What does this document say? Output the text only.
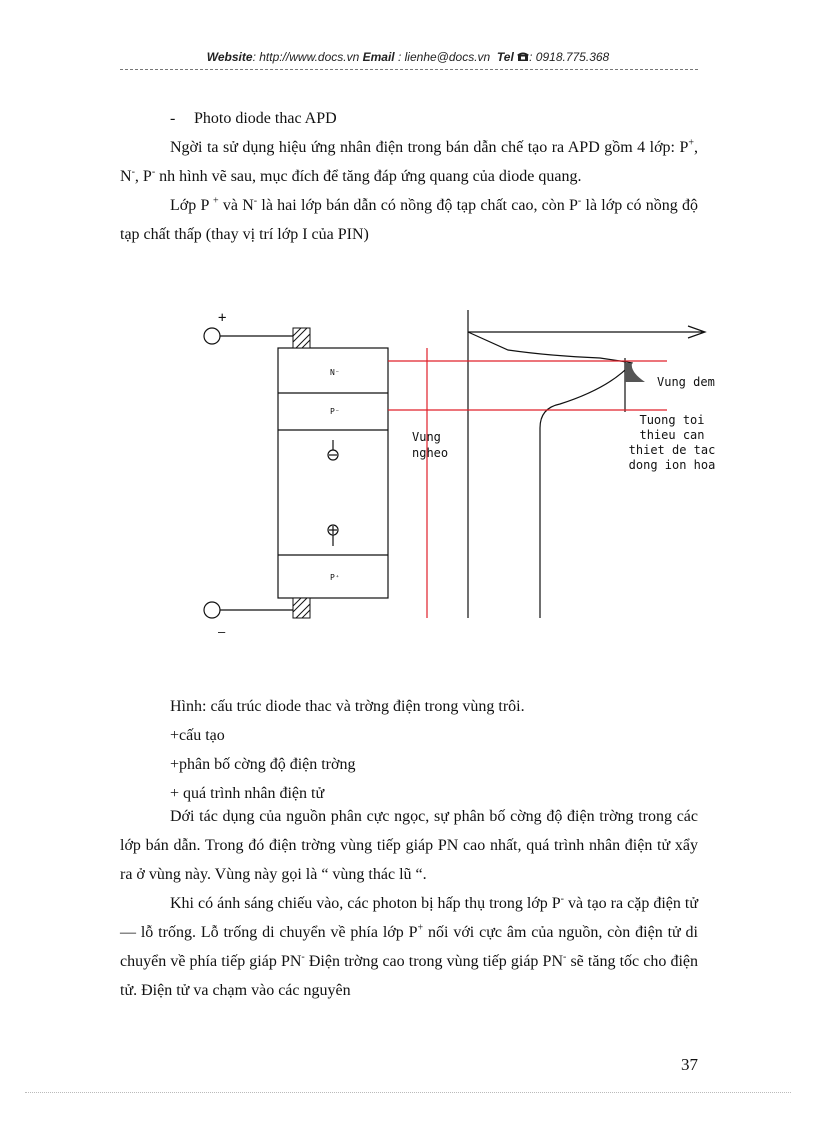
Website: http://www.docs.vn Email : lienhe@docs.vn Tel : 0918.775.368

- Photo diode thac APD

Ngời ta sử dụng hiệu ứng nhân điện trong bán dẫn chế tạo ra APD gồm 4 lớp: P+, N-, P- nh hình vẽ sau, mục đích để tăng đáp ứng quang của diode quang.

Lớp P + và N- là hai lớp bán dẫn có nồng độ tạp chất cao, còn P- là lớp có nồng độ tạp chất thấp (thay vị trí lớp I của PIN)

+
—
N⁻
P⁻
P⁺
Vung
ngheo
Vung dem
Tuong toi
thieu can
thiet de tac
dong ion hoa

Hình: cấu trúc diode thac và trờng điện trong vùng trôi.

+cấu tạo

+phân bố cờng độ điện trờng

+ quá trình nhân điện tử

Dới tác dụng của nguồn phân cực ngọc, sự phân bố cờng độ điện trờng trong các lớp bán dẫn. Trong đó điện trờng vùng tiếp giáp PN cao nhất, quá trình nhân điện tử xẩy ra ở vùng này. Vùng này gọi là “ vùng thác lũ “.

Khi có ánh sáng chiếu vào, các photon bị hấp thụ trong lớp P- và tạo ra cặp điện tử — lỗ trống. Lỗ trống di chuyển về phía lớp P+ nối với cực âm của nguồn, còn điện tử di chuyển về phía tiếp giáp PN- Điện trờng cao trong vùng tiếp giáp PN- sẽ tăng tốc cho điện tử. Điện tử va chạm vào các nguyên

37
